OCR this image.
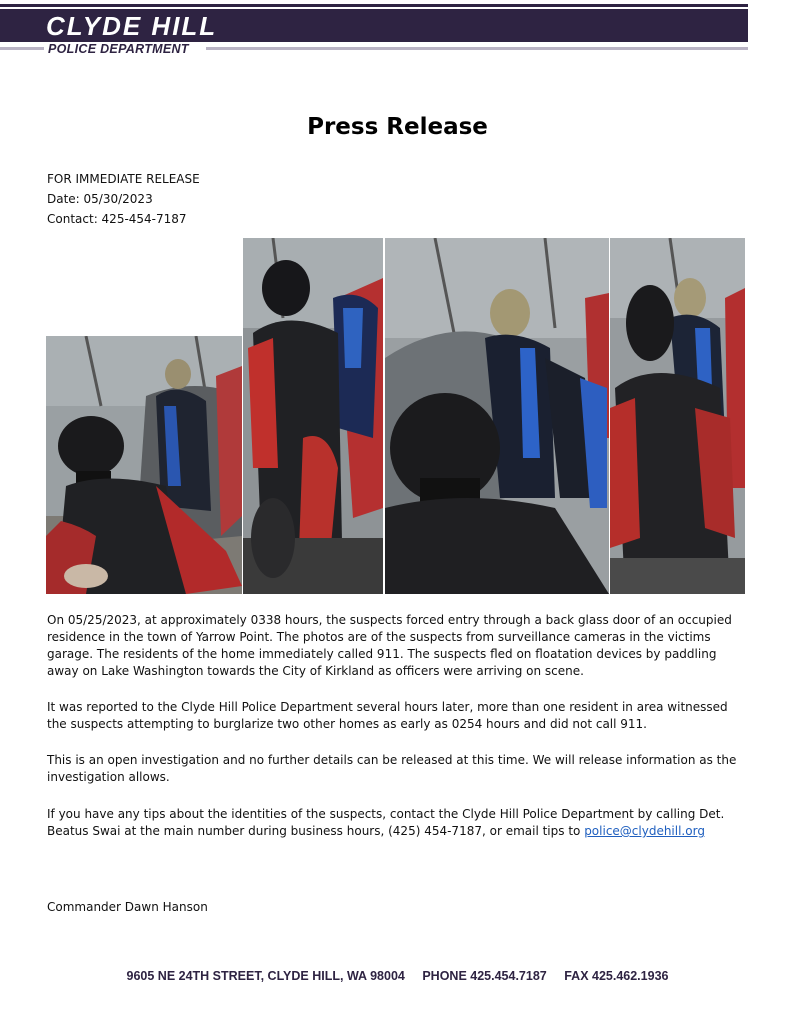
CLYDE HILL
POLICE DEPARTMENT
Press Release
FOR IMMEDIATE RELEASE
Date: 05/30/2023
Contact: 425-454-7187
On 05/25/2023, at approximately 0338 hours, the suspects forced entry through a back glass door of an occupied residence in the town of Yarrow Point. The photos are of the suspects from surveillance cameras in the victims garage. The residents of the home immediately called 911. The suspects fled on floatation devices by paddling away on Lake Washington towards the City of Kirkland as officers were arriving on scene.
It was reported to the Clyde Hill Police Department several hours later, more than one resident in area witnessed the suspects attempting to burglarize two other homes as early as 0254 hours and did not call 911.
This is an open investigation and no further details can be released at this time. We will release information as the investigation allows.
If you have any tips about the identities of the suspects, contact the Clyde Hill Police Department by calling Det. Beatus Swai at the main number during business hours, (425) 454-7187, or email tips to police@clydehill.org
Commander Dawn Hanson
9605 NE 24TH STREET, CLYDE HILL, WA 98004 PHONE 425.454.7187 FAX 425.462.1936
